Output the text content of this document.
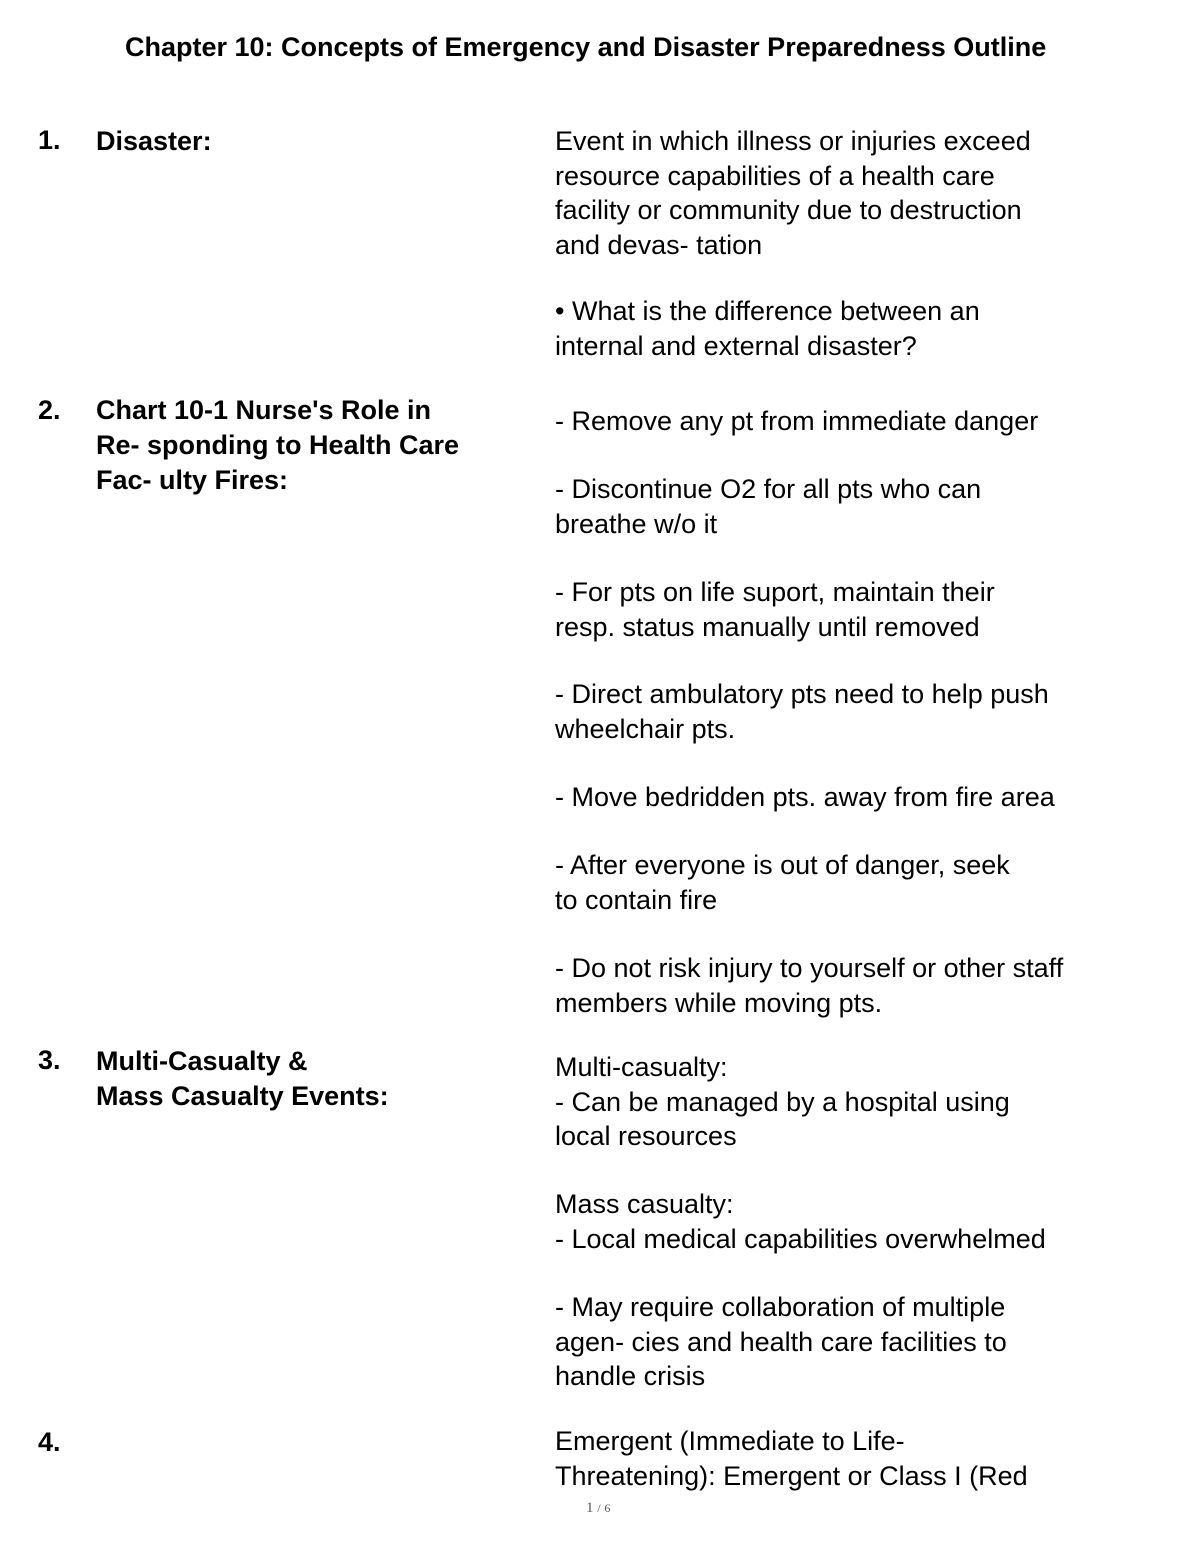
Chapter 10: Concepts of Emergency and Disaster Preparedness Outline
1. Disaster:	Event in which illness or injuries exceed
resource capabilities of a health care
facility or community due to destruction
and devas- tation
• What is the difference between an
internal and external disaster?
2. Chart 10-1 Nurse's Role in
Re- sponding to Health Care
Fac- ulty Fires:
- Remove any pt from immediate danger
- Discontinue O2 for all pts who can
breathe w/o it
- For pts on life suport, maintain their
resp. status manually until removed
- Direct ambulatory pts need to help push
wheelchair pts.
- Move bedridden pts. away from fire area
- After everyone is out of danger, seek
to contain fire
- Do not risk injury to yourself or other staff
members while moving pts.
3. Multi-Casualty &
Mass Casualty Events:
Multi-casualty:
- Can be managed by a hospital using
local resources
Mass casualty:
- Local medical capabilities overwhelmed
- May require collaboration of multiple
agen- cies and health care facilities to
handle crisis
4.	Emergent (Immediate to Life-
Threatening): Emergent or Class I (Red
1 / 6
